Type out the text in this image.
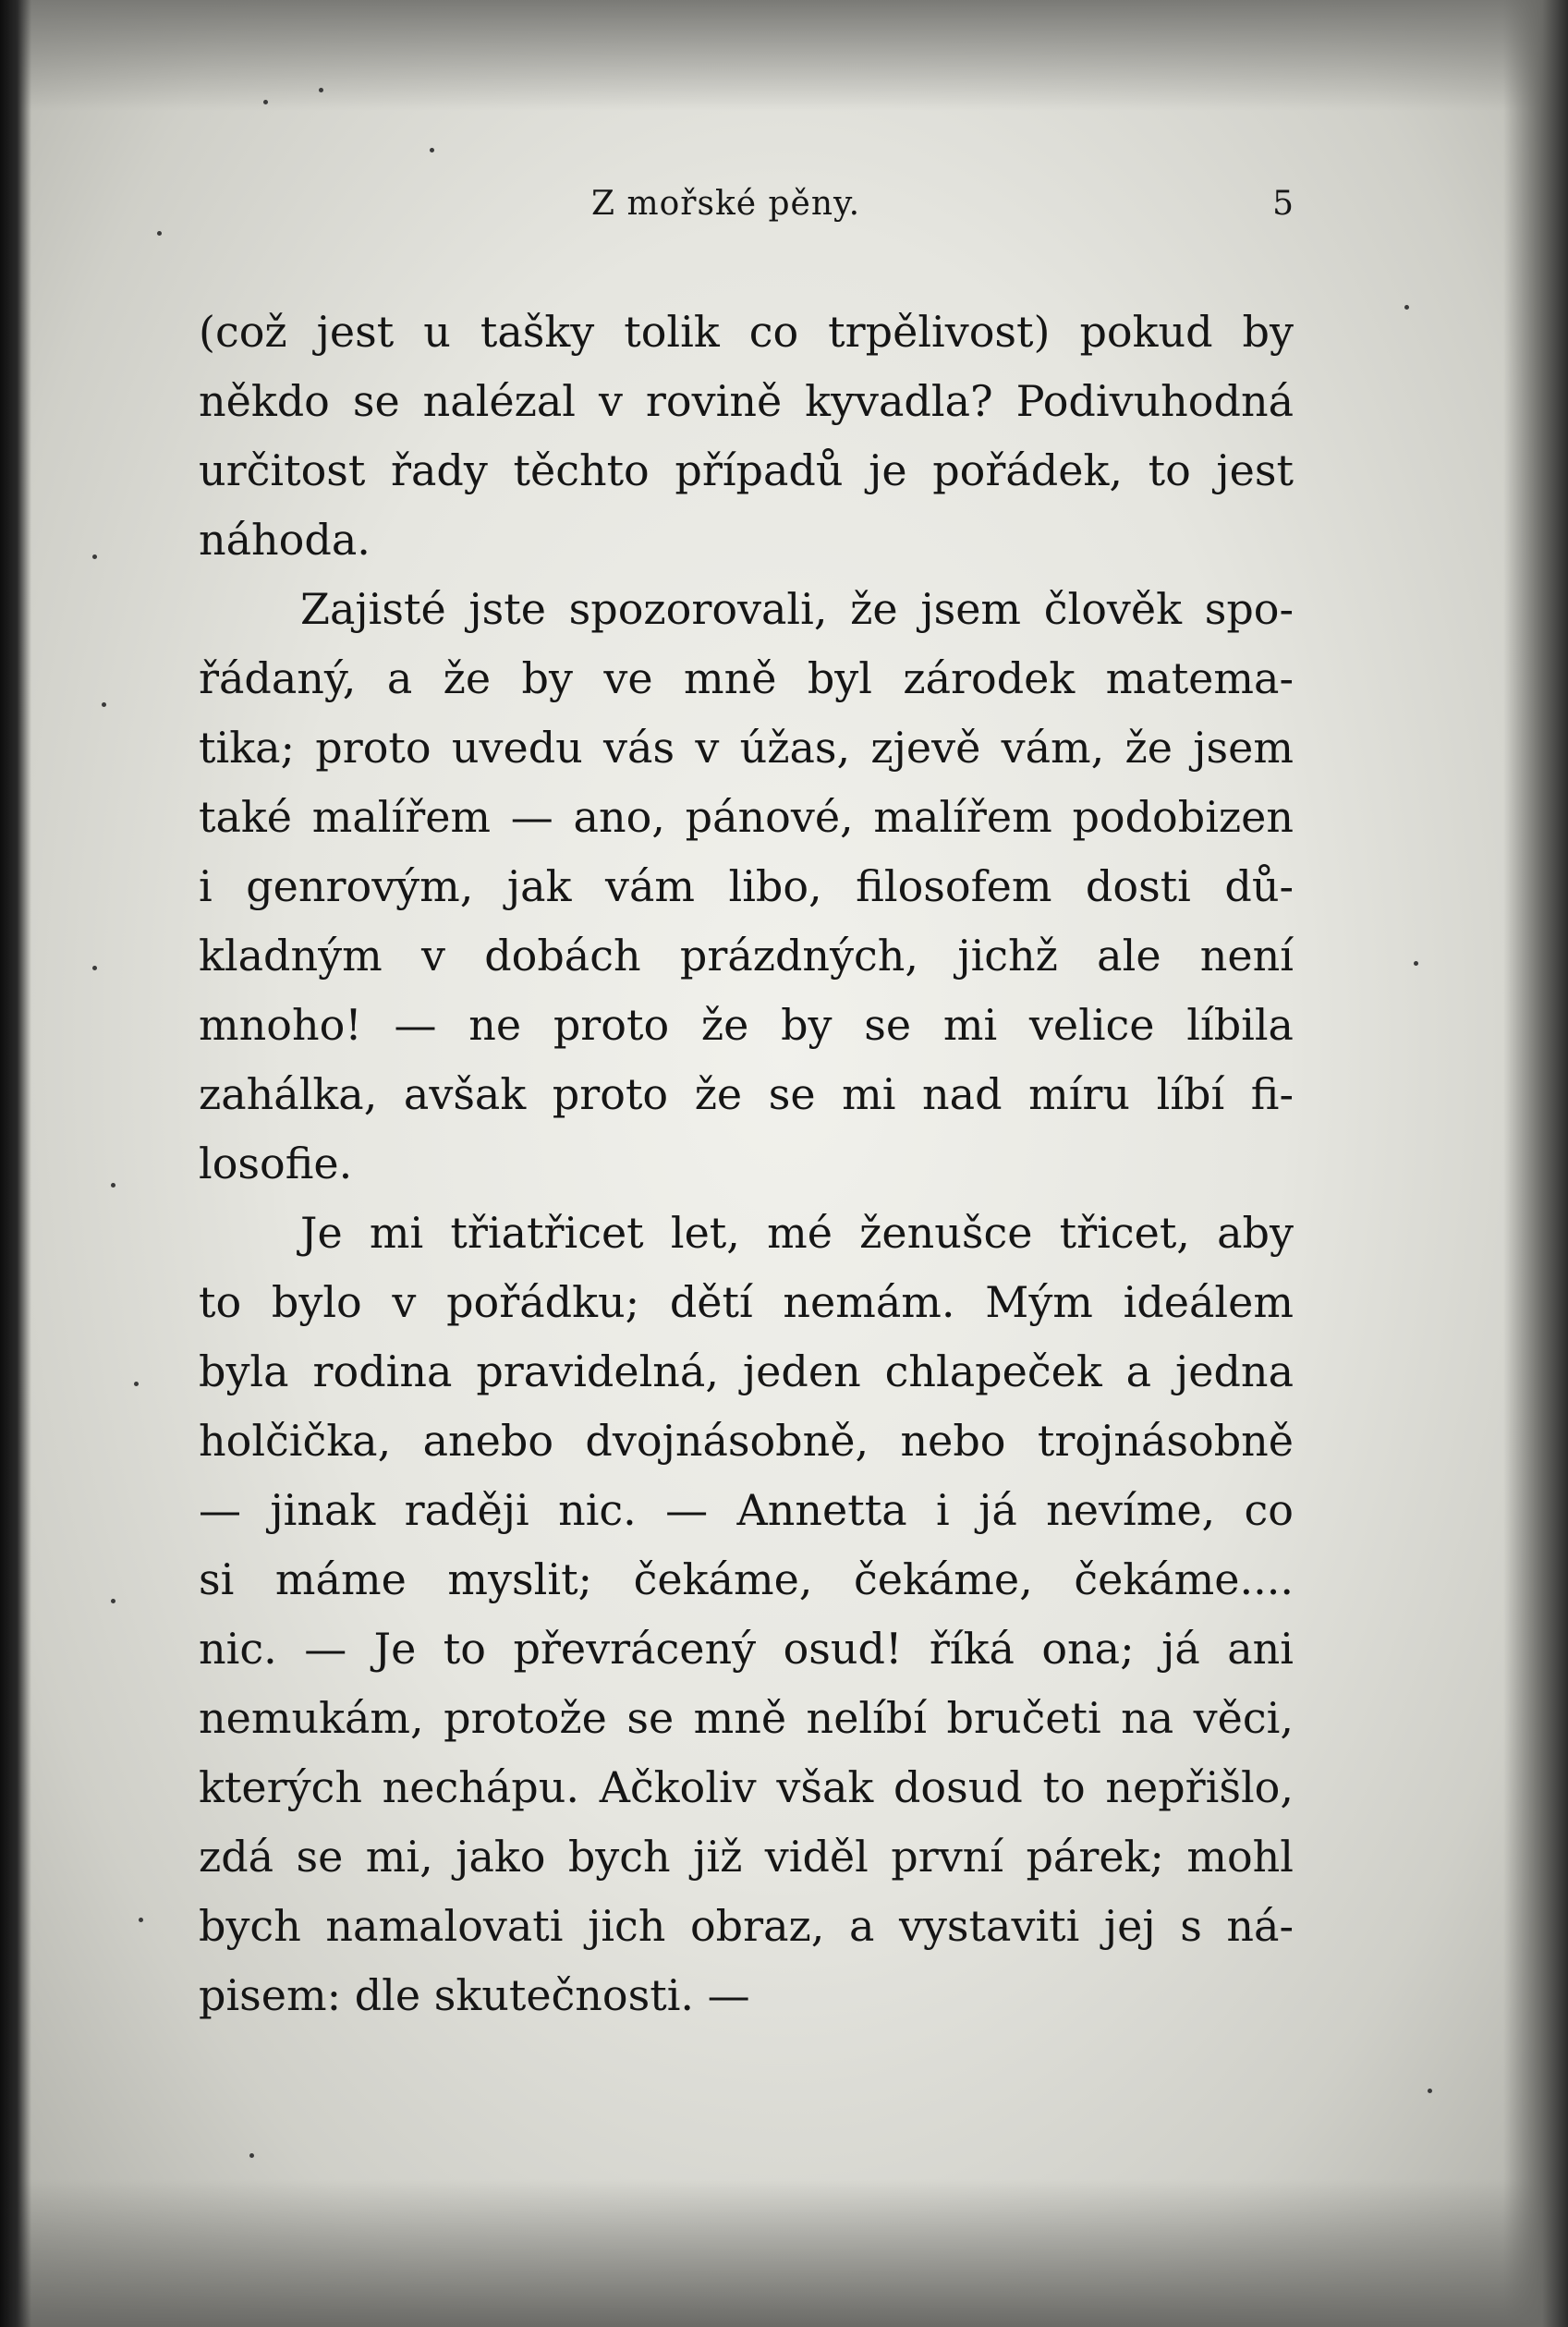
Z mořské pěny.	5
(což jest u tašky tolik co trpělivost) pokud by
někdo se nalézal v rovině kyvadla? Podivuhodná
určitost řady těchto případů je pořádek, to jest
náhoda.
Zajisté jste spozorovali, že jsem člověk spo-
řádaný, a že by ve mně byl zárodek matema-
tika; proto uvedu vás v úžas, zjevě vám, že jsem
také malířem — ano, pánové, malířem podobizen
i genrovým, jak vám libo, filosofem dosti dů-
kladným v dobách prázdných, jichž ale není
mnoho! — ne proto že by se mi velice líbila
zahálka, avšak proto že se mi nad míru líbí fi-
losofie.
Je mi třiatřicet let, mé ženušce třicet, aby
to bylo v pořádku; dětí nemám. Mým ideálem
byla rodina pravidelná, jeden chlapeček a jedna
holčička, anebo dvojnásobně, nebo trojnásobně
— jinak raději nic. — Annetta i já nevíme, co
si máme myslit; čekáme, čekáme, čekáme....
nic. — Je to převrácený osud! říká ona; já ani
nemukám, protože se mně nelíbí bručeti na věci,
kterých nechápu. Ačkoliv však dosud to nepřišlo,
zdá se mi, jako bych již viděl první párek; mohl
bych namalovati jich obraz, a vystaviti jej s ná-
pisem: dle skutečnosti. —
